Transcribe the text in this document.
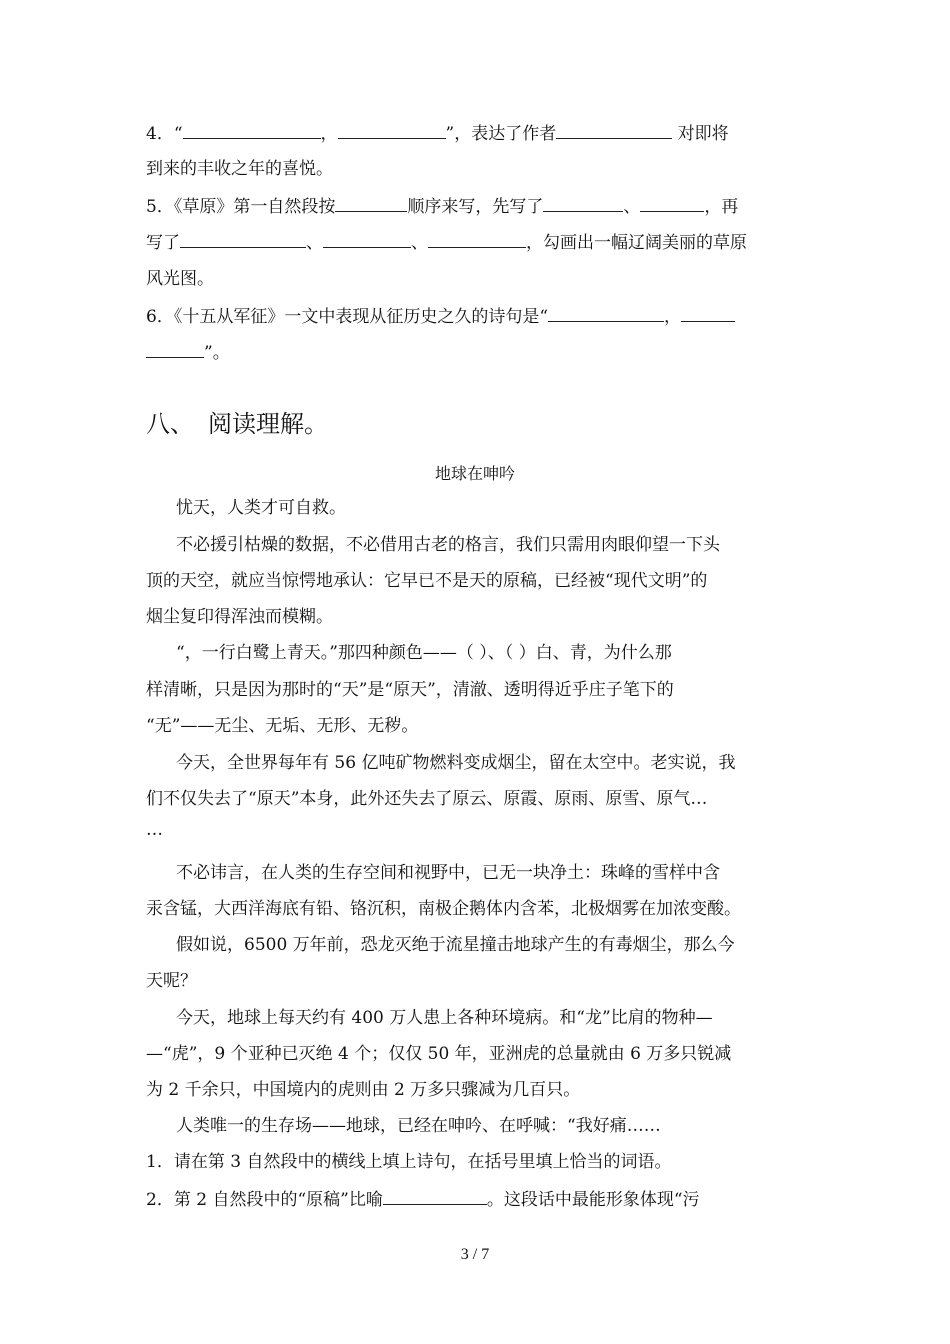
4．“	，	”，表达了作者	对即将
到来的丰收之年的喜悦。
5．《草原》第一自然段按	顺序来写，先写了	、	，再
写了	、	、	，勾画出一幅辽阔美丽的草原
风光图。
6．《十五从军征》一文中表现从征历史之久的诗句是“	，
”。
八、 阅读理解。
地球在呻吟
忧天，人类才可自救。
不必援引枯燥的数据，不必借用古老的格言，我们只需用肉眼仰望一下头
顶的天空，就应当惊愕地承认：它早已不是天的原稿，已经被“现代文明”的
烟尘复印得浑浊而模糊。
“，一行白鹭上青天。”那四种颜色——（ ）、（ ）白、青，为什么那
样清晰，只是因为那时的“天”是“原天”，清澈、透明得近乎庄子笔下的
“无”——无尘、无垢、无形、无秽。
今天，全世界每年有 56 亿吨矿物燃料变成烟尘，留在太空中。老实说，我
们不仅失去了“原天”本身，此外还失去了原云、原霞、原雨、原雪、原气…
…
不必讳言，在人类的生存空间和视野中，已无一块净土：珠峰的雪样中含
汞含锰，大西洋海底有铅、铬沉积，南极企鹅体内含苯，北极烟雾在加浓变酸。
假如说，6500 万年前，恐龙灭绝于流星撞击地球产生的有毒烟尘，那么今
天呢？
今天，地球上每天约有 400 万人患上各种环境病。和“龙”比肩的物种—
—“虎”，9 个亚种已灭绝 4 个；仅仅 50 年，亚洲虎的总量就由 6 万多只锐减
为 2 千余只，中国境内的虎则由 2 万多只骤减为几百只。
人类唯一的生存场——地球，已经在呻吟、在呼喊：“我好痛……
1．请在第 3 自然段中的横线上填上诗句，在括号里填上恰当的词语。
2．第 2 自然段中的“原稿”比喻	。这段话中最能形象体现“污
3 / 7
